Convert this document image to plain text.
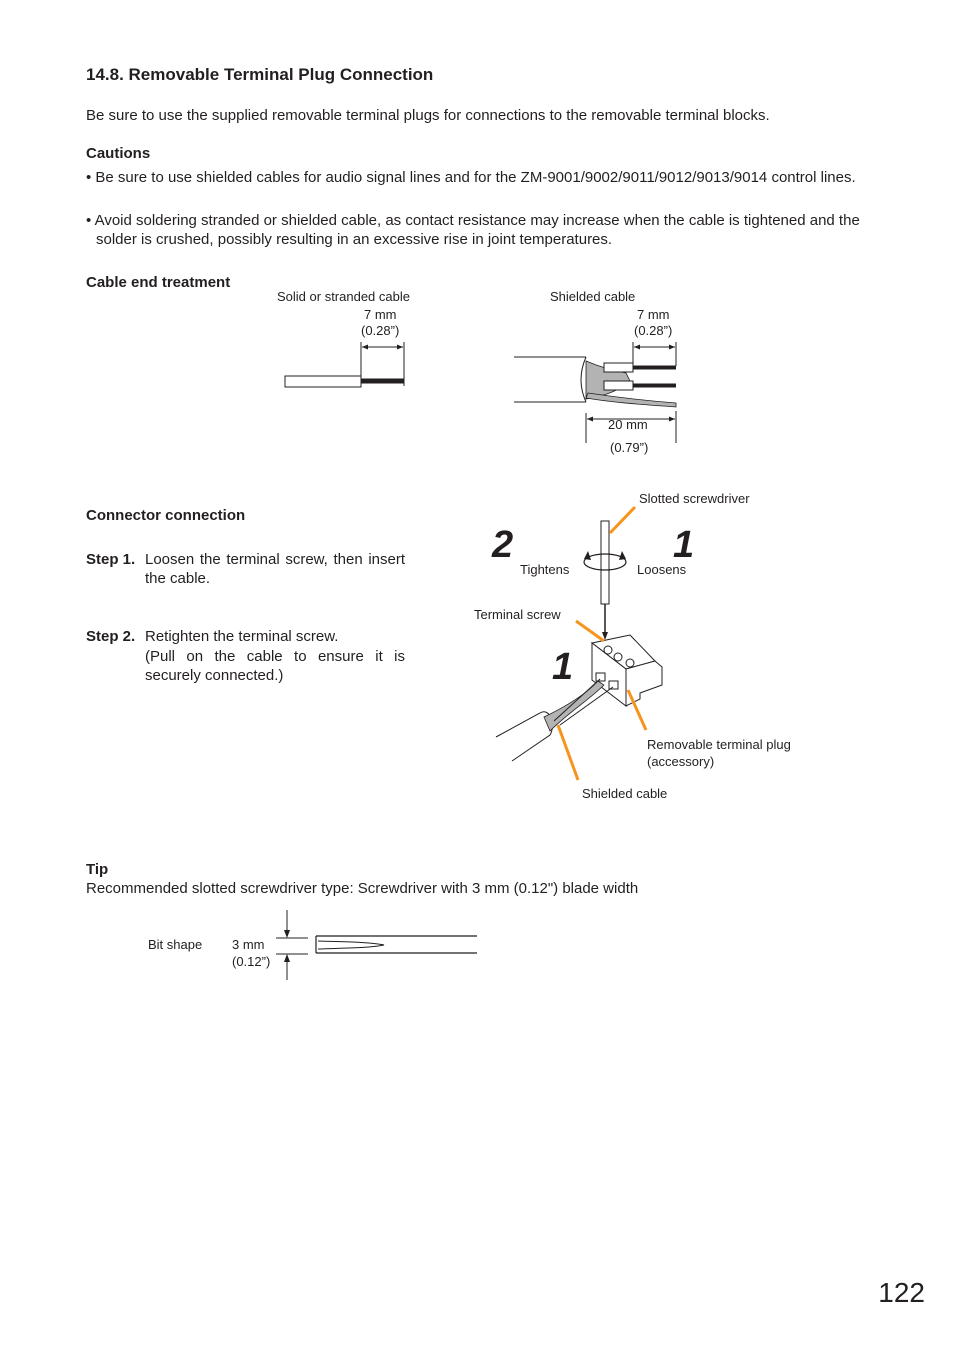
14.8. Removable Terminal Plug Connection
Be sure to use the supplied removable terminal plugs for connections to the removable terminal blocks.
Cautions
• Be sure to use shielded cables for audio signal lines and for the ZM-9001/9002/9011/9012/9013/9014 control lines.
• Avoid soldering stranded or shielded cable, as contact resistance may increase when the cable is tightened and the solder is crushed, possibly resulting in an excessive rise in joint temperatures.
Cable end treatment
Solid or stranded cable
7 mm
(0.28”)
Shielded cable
7 mm
(0.28”)
20 mm
(0.79”)
Connector connection
Step 1. Loosen the terminal screw, then insert the cable.
Step 2. Retighten the terminal screw.
(Pull on the cable to ensure it is securely connected.)
2	1
1
Slotted screwdriver
Tightens	Loosens
Terminal screw
Removable terminal plug
(accessory)
Shielded cable
Tip
Recommended slotted screwdriver type: Screwdriver with 3 mm (0.12") blade width
Bit shape 3 mm
(0.12”)
122
